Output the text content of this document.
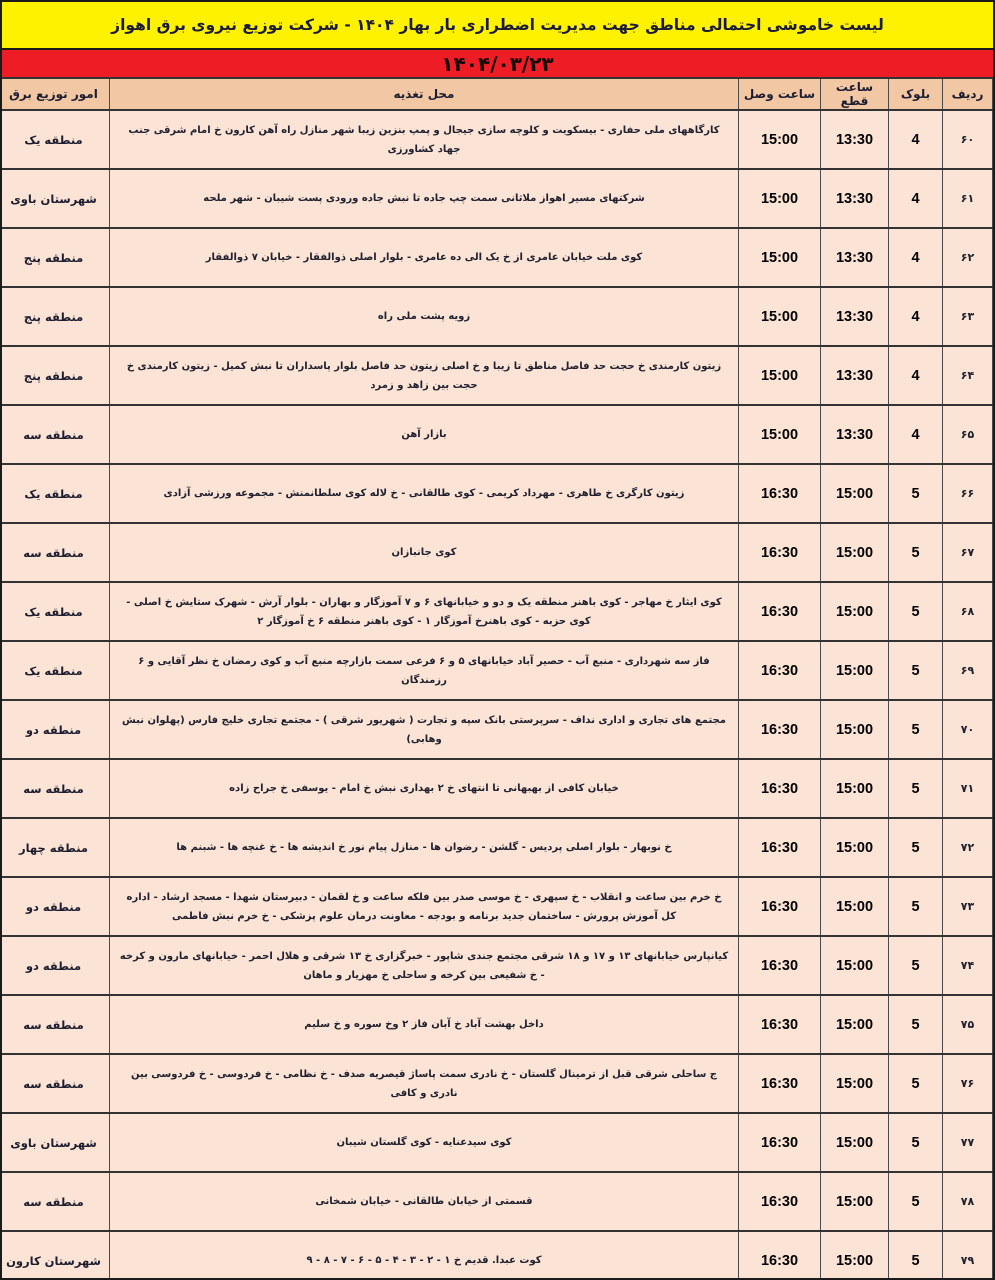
لیست خاموشی احتمالی مناطق جهت مدیریت اضطراری بار بهار ۱۴۰۴ - شرکت توزیع نیروی برق اهواز
۱۴۰۴/۰۳/۲۳
ردیف	بلوک	ساعت قطع	ساعت وصل	محل تغذیه	امور توزیع برق
۶۰	4	13:30	15:00	کارگاههای ملی حفاری - بیسکویت و کلوچه سازی جیجال و پمپ بنزین زیبا شهر منازل راه آهن کارون خ امام شرقی جنب جهاد کشاورزی	منطقه یک
۶۱	4	13:30	15:00	شرکتهای مسیر اهواز ملاثانی سمت چپ جاده تا نبش جاده ورودی پست شیبان - شهر ملحه	شهرستان باوی
۶۲	4	13:30	15:00	کوی ملت خیابان عامری از خ یک الی ده عامری - بلوار اصلی ذوالفقار - خیابان ۷ ذوالفقار	منطقه پنج
۶۳	4	13:30	15:00	زویه پشت ملی راه	منطقه پنج
۶۴	4	13:30	15:00	زیتون کارمندی خ حجت حد فاصل مناطق تا زیبا و خ اصلی زیتون حد فاصل بلوار پاسداران تا نبش کمیل - زیتون کارمندی خ حجت بین زاهد و زمرد	منطقه پنج
۶۵	4	13:30	15:00	بازار آهن	منطقه سه
۶۶	5	15:00	16:30	زیتون کارگری خ طاهری - مهرداد کریمی - کوی طالقانی - خ لاله کوی سلطانمنش - مجموعه ورزشی آزادی	منطقه یک
۶۷	5	15:00	16:30	کوی جانبازان	منطقه سه
۶۸	5	15:00	16:30	کوی ایثار خ مهاجر - کوی باهنر منطقه یک و دو و خیابانهای ۶ و ۷ آموزگار و بهاران - بلوار آرش - شهرک ستایش خ اصلی - کوی حزبه - کوی باهنرخ آموزگار ۱ - کوی باهنر منطقه ۶ خ آموزگار ۲	منطقه یک
۶۹	5	15:00	16:30	فاز سه شهرداری - منبع آب - حصیر آباد خیابانهای ۵ و ۶ فرعی سمت بازارچه منبع آب و کوی رمضان خ نظر آقایی و ۶ رزمندگان	منطقه یک
۷۰	5	15:00	16:30	مجتمع های تجاری و اداری نداف - سرپرستی بانک سپه و تجارت ( شهریور شرقی ) - مجتمع تجاری خلیج فارس (پهلوان نبش وهابی)	منطقه دو
۷۱	5	15:00	16:30	خیابان کافی از بهبهانی تا انتهای خ ۲ بهداری نبش خ امام - یوسفی خ جراح زاده	منطقه سه
۷۲	5	15:00	16:30	خ نوبهار - بلوار اصلی پردیس - گلشن - رضوان ها - منازل پیام نور خ اندیشه ها - خ غنچه ها - شبنم ها	منطقه چهار
۷۳	5	15:00	16:30	خ خرم بین ساعت و انقلاب - خ سپهری - خ موسی صدر بین فلکه ساعت و خ لقمان - دبیرستان شهدا - مسجد ارشاد - اداره کل آموزش پرورش - ساختمان جدید برنامه و بودجه - معاونت درمان علوم پزشکی - خ خرم نبش فاطمی	منطقه دو
۷۴	5	15:00	16:30	کیانپارس خیابانهای ۱۳ و ۱۷ و ۱۸ شرقی مجتمع جندی شاپور - خبرگزاری خ ۱۳ شرقی و هلال احمر - خیابانهای مارون و کرخه - خ شفیعی بین کرخه و ساحلی خ مهزیار و ماهان	منطقه دو
۷۵	5	15:00	16:30	داخل بهشت آباد خ آبان فاز ۲ وخ سوره و خ سلیم	منطقه سه
۷۶	5	15:00	16:30	ج ساحلی شرقی قبل از ترمینال گلستان - خ نادری سمت پاساژ قیصریه صدف - خ نظامی - خ فردوسی - خ فردوسی بین نادری و کافی	منطقه سه
۷۷	5	15:00	16:30	کوی سیدعنایه - کوی گلستان شیبان	شهرستان باوی
۷۸	5	15:00	16:30	قسمتی از خیابان طالقانی - خیابان شمخانی	منطقه سه
۷۹	5	15:00	16:30	کوت عبدا. قدیم خ ۱ - ۲ - ۳ - ۴ - ۵ - ۶ - ۷ - ۸ - ۹	شهرستان کارون
